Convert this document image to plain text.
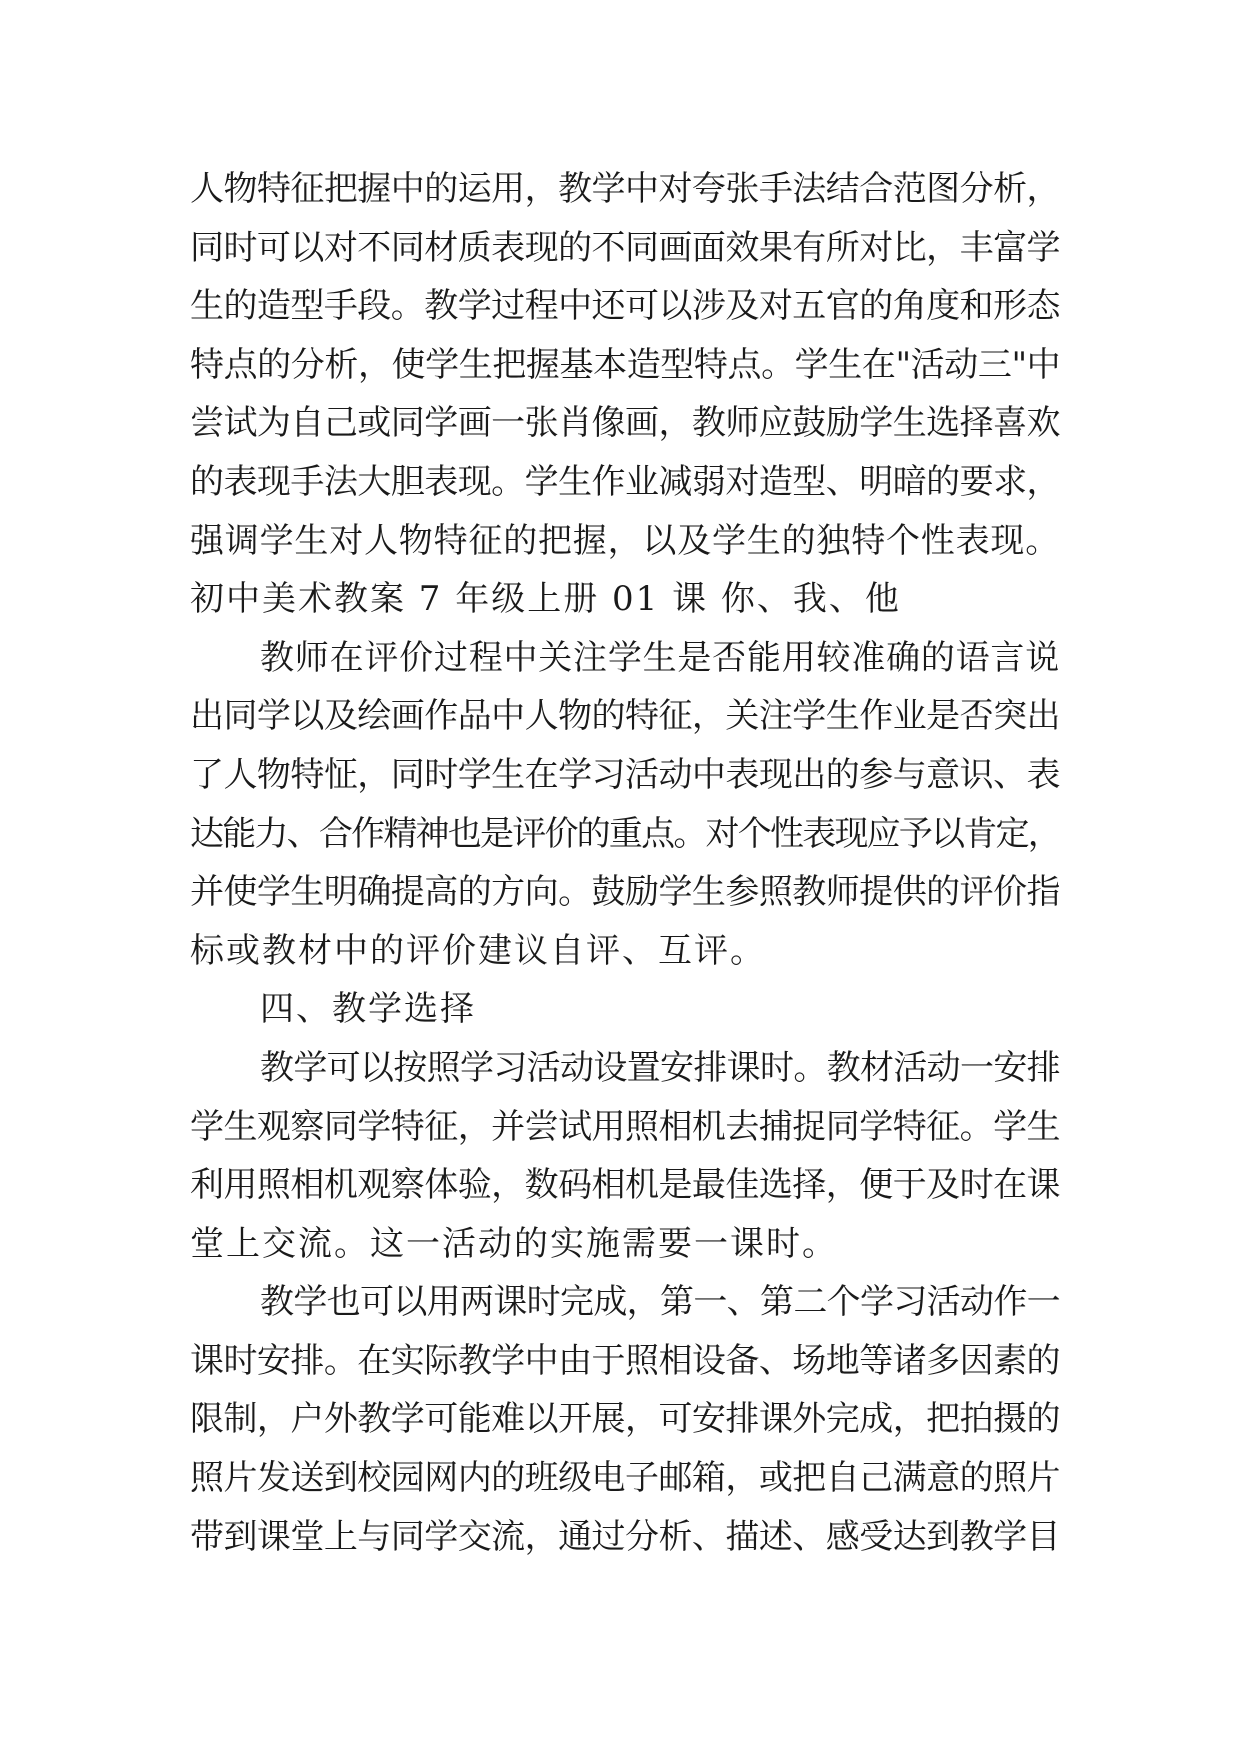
人物特征把握中的运用，教学中对夸张手法结合范图分析，
同时可以对不同材质表现的不同画面效果有所对比，丰富学
生的造型手段。教学过程中还可以涉及对五官的角度和形态
特点的分析，使学生把握基本造型特点。学生在"活动三"中
尝试为自己或同学画一张肖像画，教师应鼓励学生选择喜欢
的表现手法大胆表现。学生作业减弱对造型、明暗的要求，
强调学生对人物特征的把握，以及学生的独特个性表现。
初中美术教案 7 年级上册 01 课 你、我、他
教师在评价过程中关注学生是否能用较准确的语言说
出同学以及绘画作品中人物的特征，关注学生作业是否突出
了人物特怔，同时学生在学习活动中表现出的参与意识、表
达能力、合作精神也是评价的重点。对个性表现应予以肯定，
并使学生明确提高的方向。鼓励学生参照教师提供的评价指
标或教材中的评价建议自评、互评。
四、教学选择
教学可以按照学习活动设置安排课时。教材活动一安排
学生观察同学特征，并尝试用照相机去捕捉同学特征。学生
利用照相机观察体验，数码相机是最佳选择，便于及时在课
堂上交流。这一活动的实施需要一课时。
教学也可以用两课时完成，第一、第二个学习活动作一
课时安排。在实际教学中由于照相设备、场地等诸多因素的
限制，户外教学可能难以开展，可安排课外完成，把拍摄的
照片发送到校园网内的班级电子邮箱，或把自己满意的照片
带到课堂上与同学交流，通过分析、描述、感受达到教学目
